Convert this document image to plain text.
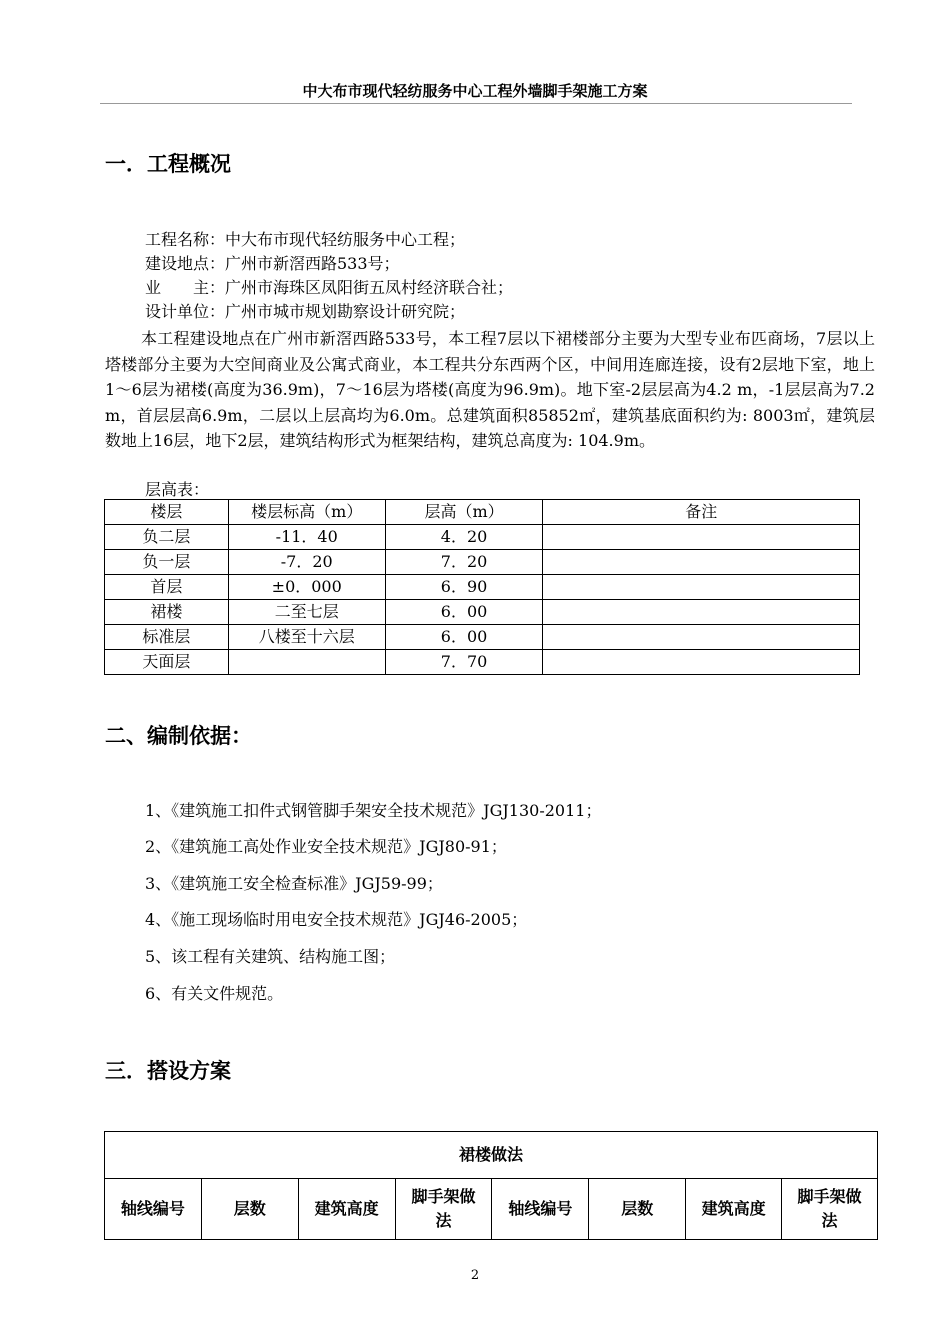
中大布市现代轻纺服务中心工程外墙脚手架施工方案
一．工程概况
工程名称：中大布市现代轻纺服务中心工程；
建设地点：广州市新滘西路533号；
业　　主：广州市海珠区凤阳街五凤村经济联合社；
设计单位：广州市城市规划勘察设计研究院；
本工程建设地点在广州市新滘西路533号，本工程7层以下裙楼部分主要为大型专业布匹商场，7层以上塔楼部分主要为大空间商业及公寓式商业，本工程共分东西两个区，中间用连廊连接，设有2层地下室，地上1～6层为裙楼(高度为36.9m)，7～16层为塔楼(高度为96.9m)。地下室-2层层高为4.2 m，-1层层高为7.2 m，首层层高6.9m，二层以上层高均为6.0m。总建筑面积85852㎡，建筑基底面积约为: 8003㎡，建筑层数地上16层，地下2层，建筑结构形式为框架结构，建筑总高度为: 104.9m。
层高表：
楼层	楼层标高（m）	层高（m）	备注
负二层	-11．40	4．20	
负一层	-7．20	7．20	
首层	±0．000	6．90	
裙楼	二至七层	6．00	
标准层	八楼至十六层	6．00	
天面层		7．70	
二、编制依据：
1、《建筑施工扣件式钢管脚手架安全技术规范》JGJ130-2011；
2、《建筑施工高处作业安全技术规范》JGJ80-91；
3、《建筑施工安全检查标准》JGJ59-99；
4、《施工现场临时用电安全技术规范》JGJ46-2005；
5、该工程有关建筑、结构施工图；
6、有关文件规范。
三．搭设方案
裙楼做法
轴线编号	层数	建筑高度	脚手架做法	轴线编号	层数	建筑高度	脚手架做法
2
